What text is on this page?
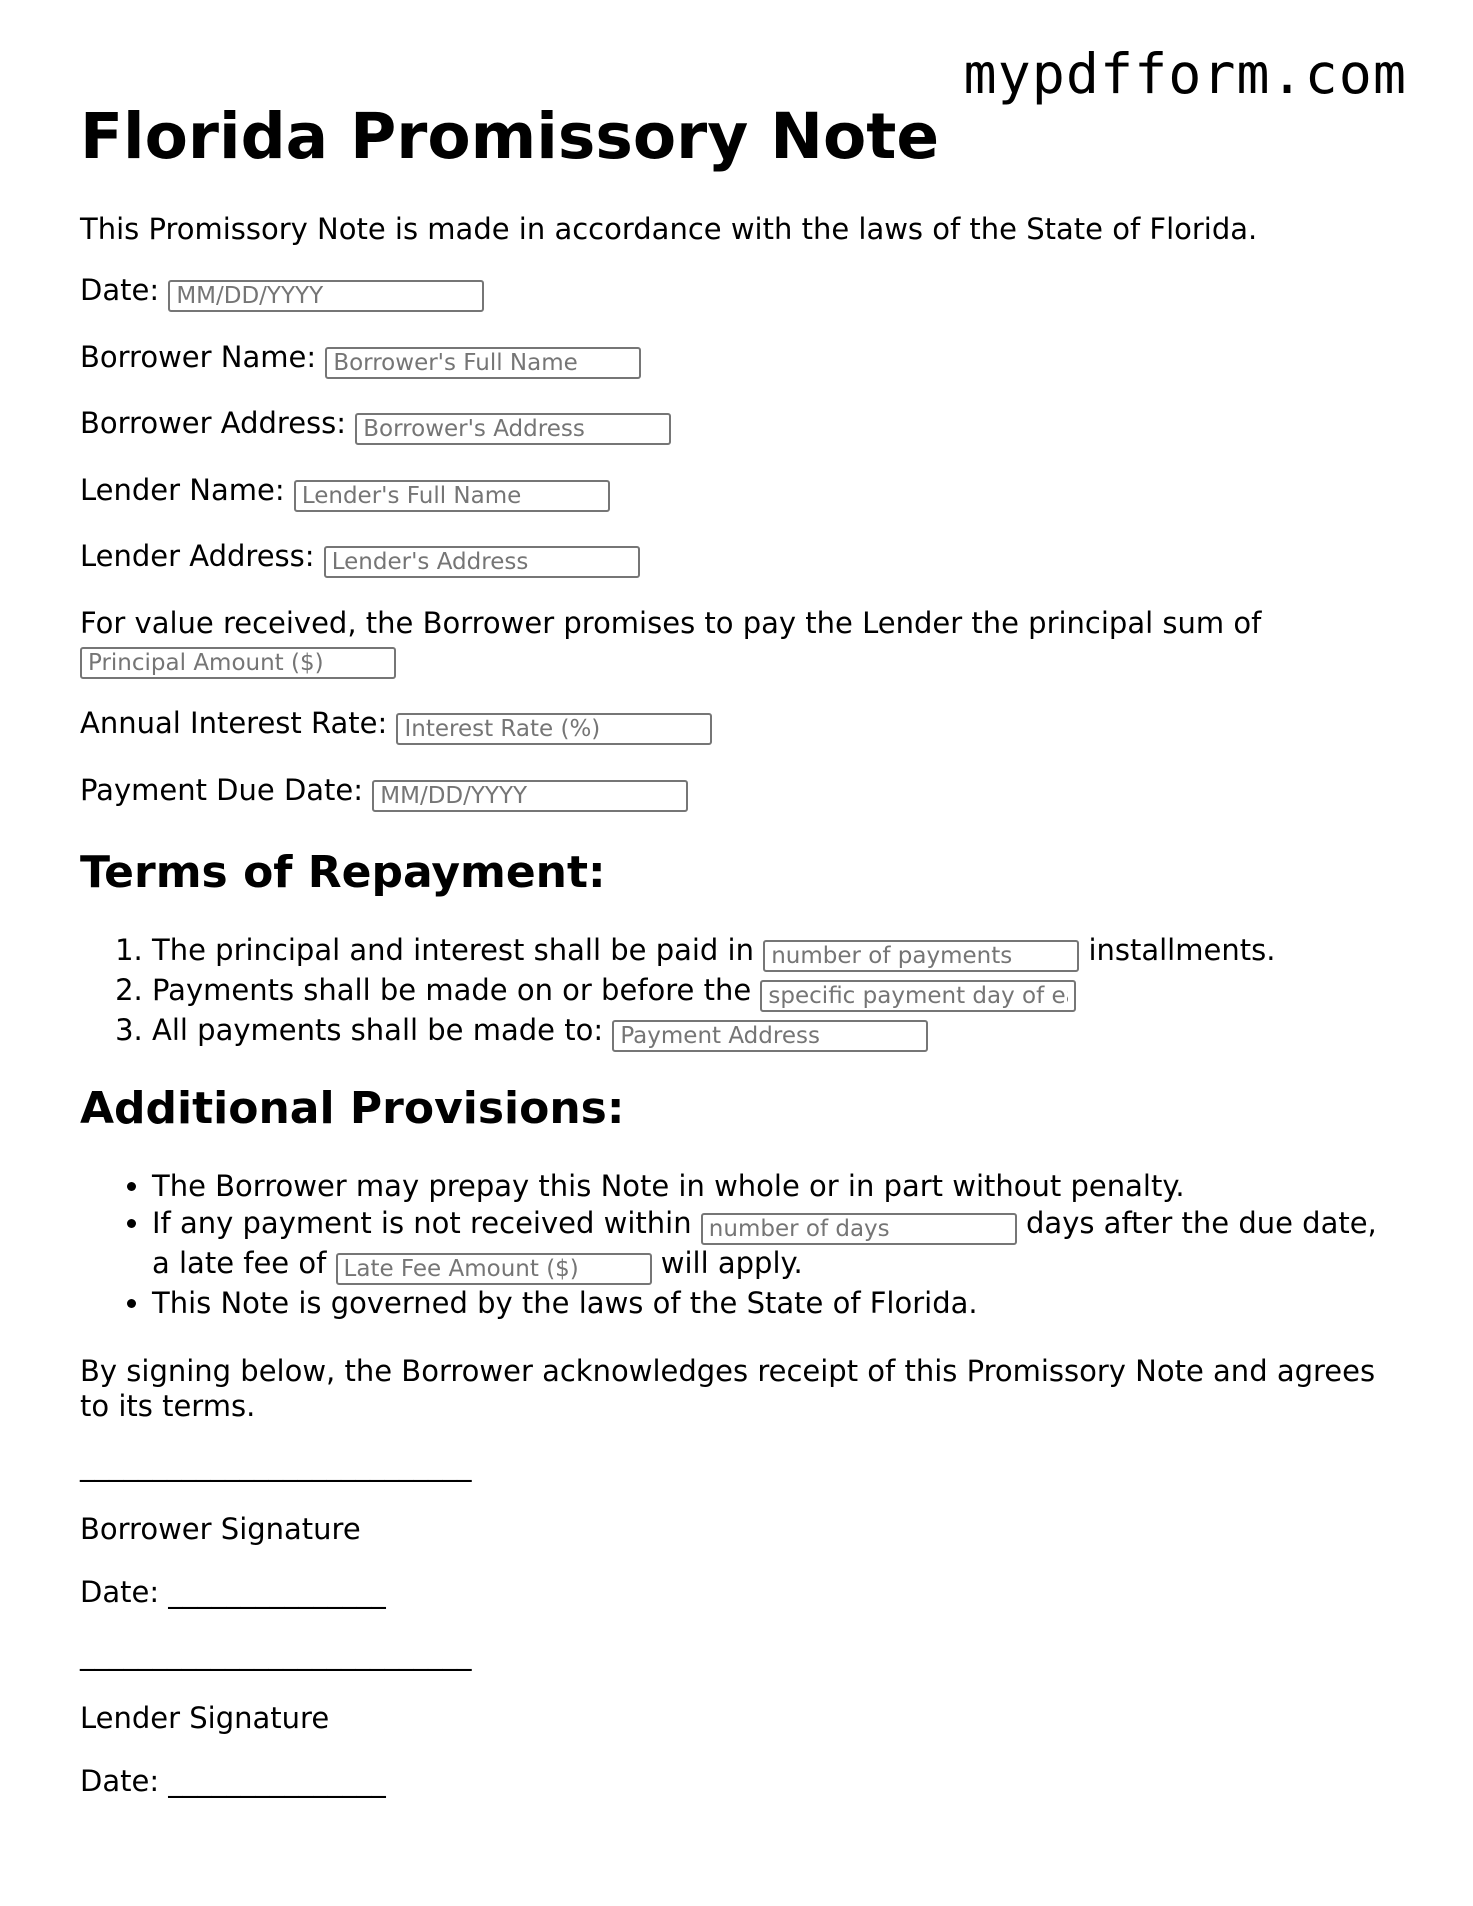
mypdfform.com
Florida Promissory Note
This Promissory Note is made in accordance with the laws of the State of Florida.
Date: MM/DD/YYYY
Borrower Name: Borrower's Full Name
Borrower Address: Borrower's Address
Lender Name: Lender's Full Name
Lender Address: Lender's Address
For value received, the Borrower promises to pay the Lender the principal sum of
Principal Amount ($)
Annual Interest Rate: Interest Rate (%)
Payment Due Date: MM/DD/YYYY
Terms of Repayment:
1. The principal and interest shall be paid in number of payments	installments.
2. Payments shall be made on or before the specific payment day of each month
3. All payments shall be made to: Payment Address
Additional Provisions:
• The Borrower may prepay this Note in whole or in part without penalty.
• If any payment is not received within number of days	days after the due date, a late fee of Late Fee Amount ($)	will apply.
• This Note is governed by the laws of the State of Florida.
By signing below, the Borrower acknowledges receipt of this Promissory Note and agrees to its terms.
___________________________
Borrower Signature
Date: _______________
___________________________
Lender Signature
Date: _______________
